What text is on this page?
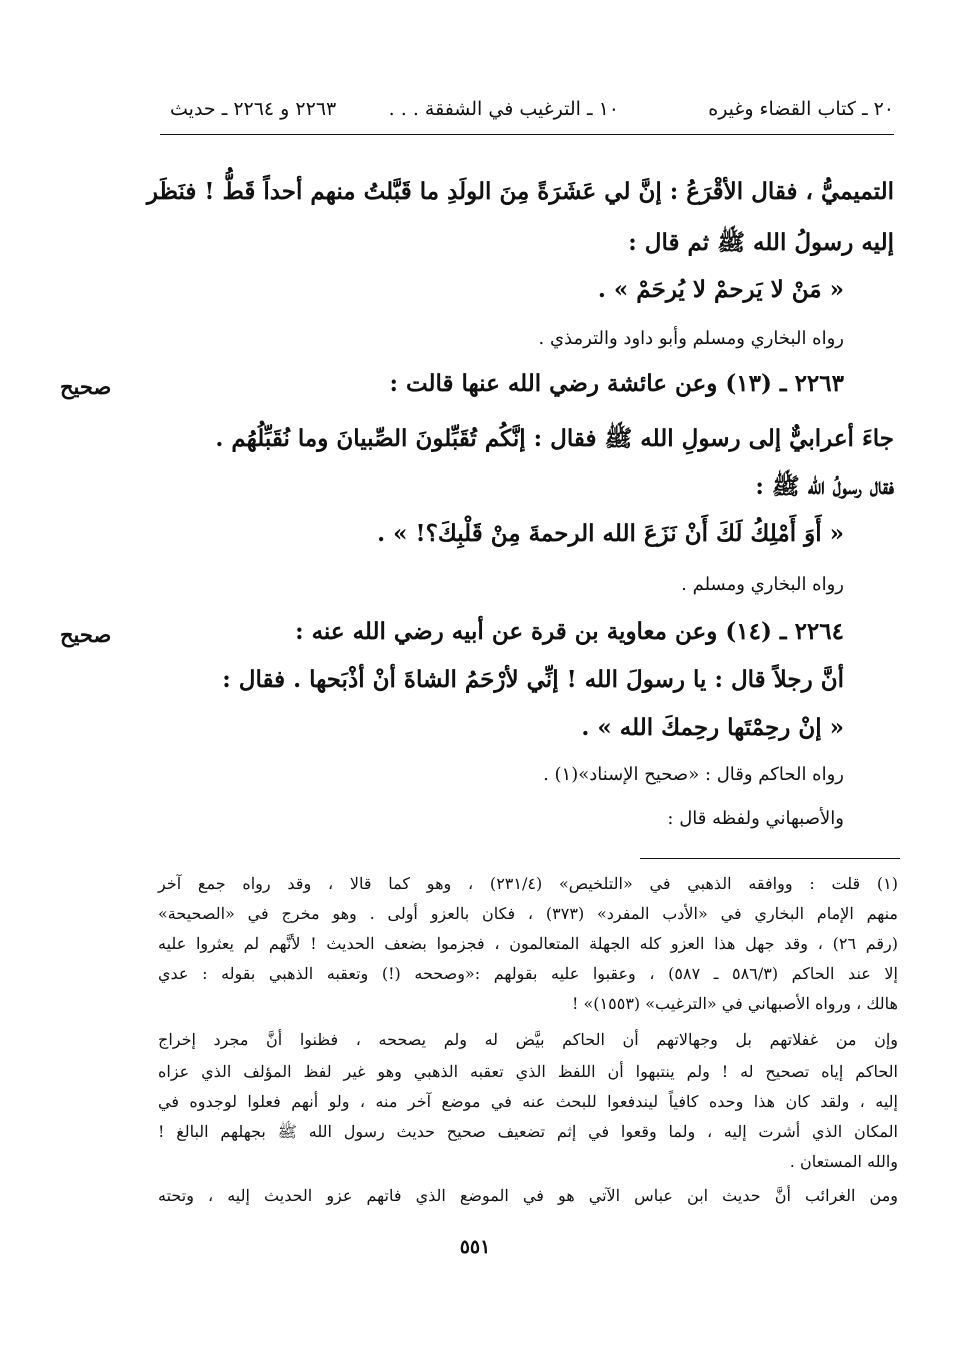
٢٠ ـ كتاب القضاء وغيره
١٠ ـ الترغيب في الشفقة . . .
٢٢٦٣ و ٢٢٦٤ ـ حديث
التميميُّ ، فقال الأقْرَعُ : إنَّ لي عَشَرَةً مِنَ الولَدِ ما قَبَّلتُ منهم أحداً قَطُّ ! فنَظَر
إليه رسولُ الله ﷺ ثم قال :
« مَنْ لا يَرحمْ لا يُرحَمْ » .
رواه البخاري ومسلم وأبو داود والترمذي .
٢٢٦٣ ـ (١٣) وعن عائشة رضي الله عنها قالت :
صحيح
جاءَ أعرابيٌّ إلى رسولِ الله ﷺ فقال : إنَّكُم تُقَبِّلونَ الصِّبيانَ وما نُقَبِّلُهُم .
فقال رسولُ الله ﷺ :
« أَوَ أَمْلِكُ لَكَ أَنْ نَزَعَ الله الرحمةَ مِنْ قَلْبِكَ؟! » .
رواه البخاري ومسلم .
٢٢٦٤ ـ (١٤) وعن معاوية بن قرة عن أبيه رضي الله عنه :
صحيح
أنَّ رجلاً قال : يا رسولَ الله ! إنِّي لأرْحَمُ الشاةَ أنْ أذْبَحها . فقال :
« إنْ رحِمْتَها رحِمكَ الله » .
رواه الحاكم وقال : «صحيح الإسناد»(١) .
والأصبهاني ولفظه قال :
(١) قلت : ووافقه الذهبي في «التلخيص» (٢٣١/٤) ، وهو كما قالا ، وقد رواه جمع آخر
منهم الإمام البخاري في «الأدب المفرد» (٣٧٣) ، فكان بالعزو أولى . وهو مخرج في «الصحيحة»
(رقم ٢٦) ، وقد جهل هذا العزو كله الجهلة المتعالمون ، فجزموا بضعف الحديث ! لأنَّهم لم يعثروا عليه
إلا عند الحاكم (٥٨٦/٣ ـ ٥٨٧) ، وعقبوا عليه بقولهم :«وصححه (!) وتعقبه الذهبي بقوله : عدي
هالك ، ورواه الأصبهاني في «الترغيب» (١٥٥٣)» !
وإن من غفلاتهم بل وجهالاتهم أن الحاكم بيَّض له ولم يصححه ، فظنوا أنَّ مجرد إخراج
الحاكم إياه تصحيح له ! ولم ينتبهوا أن اللفظ الذي تعقبه الذهبي وهو غير لفظ المؤلف الذي عزاه
إليه ، ولقد كان هذا وحده كافياً ليندفعوا للبحث عنه في موضع آخر منه ، ولو أنهم فعلوا لوجدوه في
المكان الذي أشرت إليه ، ولما وقعوا في إثم تضعيف صحيح حديث رسول الله ﷺ بجهلهم البالغ !
والله المستعان .
ومن الغرائب أنَّ حديث ابن عباس الآتي هو في الموضع الذي فاتهم عزو الحديث إليه ، وتحته
٥٥١
